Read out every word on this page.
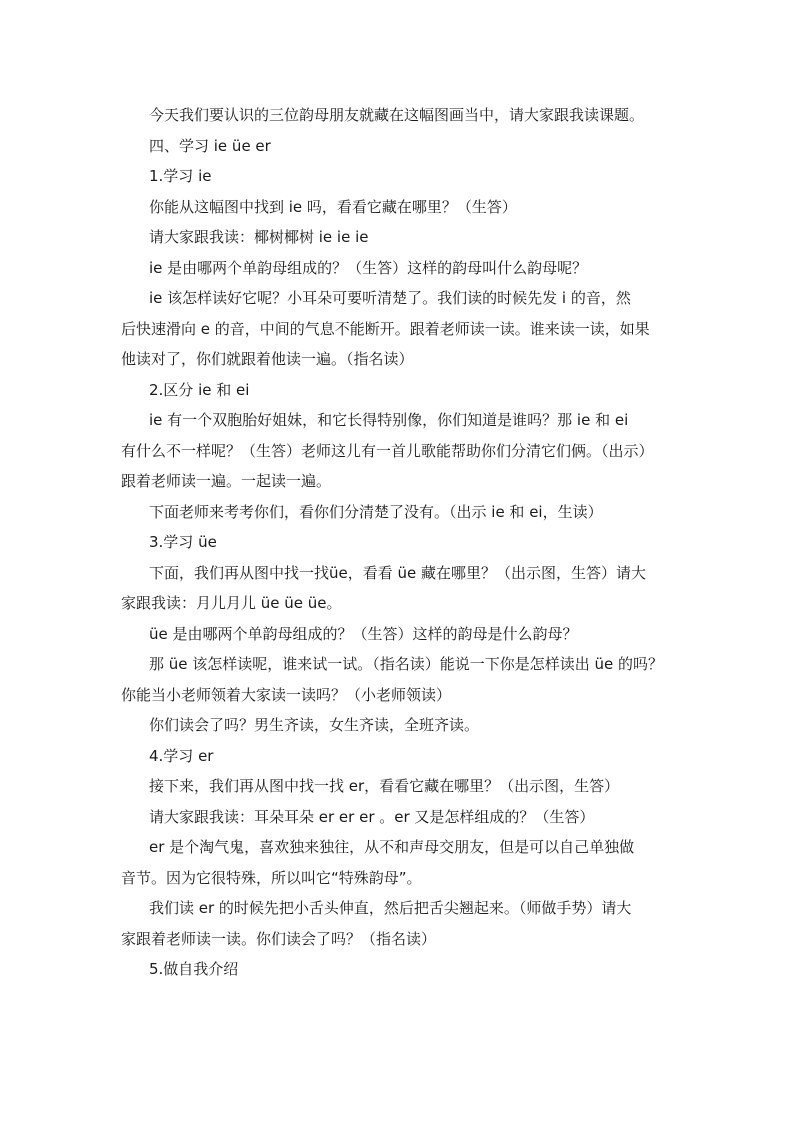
今天我们要认识的三位韵母朋友就藏在这幅图画当中，请大家跟我读课题。

四、学习 ie üe er

1.学习 ie

你能从这幅图中找到 ie 吗，看看它藏在哪里？（生答）

请大家跟我读：椰树椰树 ie ie ie

ie 是由哪两个单韵母组成的？（生答）这样的韵母叫什么韵母呢？

ie 该怎样读好它呢？小耳朵可要听清楚了。我们读的时候先发 i 的音，然

后快速滑向 e 的音，中间的气息不能断开。跟着老师读一读。谁来读一读，如果

他读对了，你们就跟着他读一遍。（指名读）

2.区分 ie 和 ei

ie 有一个双胞胎好姐妹，和它长得特别像，你们知道是谁吗？那 ie 和 ei

有什么不一样呢？（生答）老师这儿有一首儿歌能帮助你们分清它们俩。（出示）

跟着老师读一遍。一起读一遍。

下面老师来考考你们，看你们分清楚了没有。（出示 ie 和 ei，生读）

3.学习 üe

下面，我们再从图中找一找üe，看看 üe 藏在哪里？（出示图，生答）请大

家跟我读：月儿月儿 üe üe üe。

üe 是由哪两个单韵母组成的？（生答）这样的韵母是什么韵母？

那 üe 该怎样读呢，谁来试一试。（指名读）能说一下你是怎样读出 üe 的吗？

你能当小老师领着大家读一读吗？（小老师领读）

你们读会了吗？男生齐读，女生齐读，全班齐读。

4.学习 er

接下来，我们再从图中找一找 er，看看它藏在哪里？（出示图，生答）

请大家跟我读：耳朵耳朵 er er er 。er 又是怎样组成的？（生答）

er 是个淘气鬼，喜欢独来独往，从不和声母交朋友，但是可以自己单独做

音节。因为它很特殊，所以叫它“特殊韵母”。

我们读 er 的时候先把小舌头伸直，然后把舌尖翘起来。（师做手势）请大

家跟着老师读一读。你们读会了吗？（指名读）

5.做自我介绍
